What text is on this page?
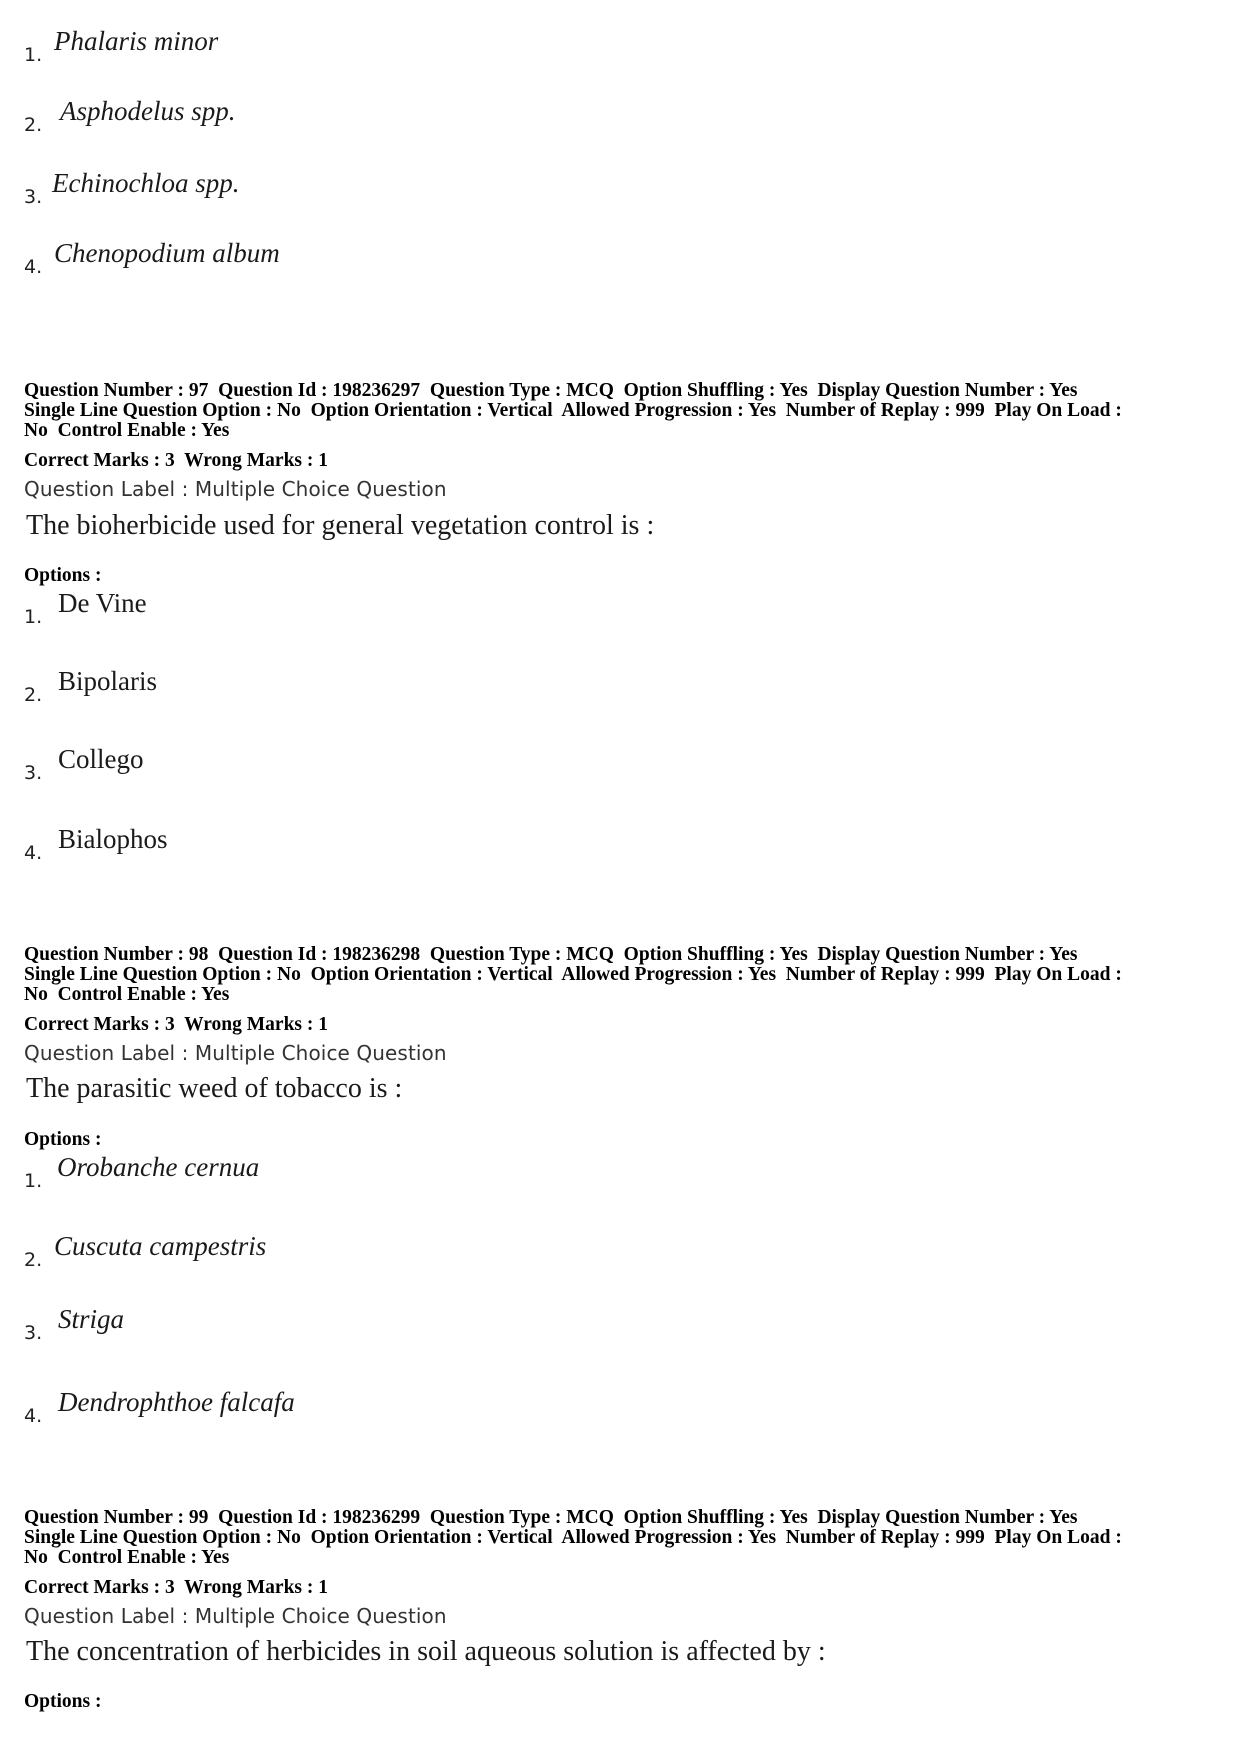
1. Phalaris minor
2. Asphodelus spp.
3. Echinochloa spp.
4. Chenopodium album
Question Number : 97  Question Id : 198236297  Question Type : MCQ  Option Shuffling : Yes  Display Question Number : Yes
Single Line Question Option : No  Option Orientation : Vertical  Allowed Progression : Yes  Number of Replay : 999  Play On Load :
No  Control Enable : Yes
Correct Marks : 3  Wrong Marks : 1
Question Label : Multiple Choice Question
The bioherbicide used for general vegetation control is :
Options :
1. De Vine
2. Bipolaris
3. Collego
4. Bialophos
Question Number : 98  Question Id : 198236298  Question Type : MCQ  Option Shuffling : Yes  Display Question Number : Yes
Single Line Question Option : No  Option Orientation : Vertical  Allowed Progression : Yes  Number of Replay : 999  Play On Load :
No  Control Enable : Yes
Correct Marks : 3  Wrong Marks : 1
Question Label : Multiple Choice Question
The parasitic weed of tobacco is :
Options :
1. Orobanche cernua
2. Cuscuta campestris
3. Striga
4. Dendrophthoe falcafa
Question Number : 99  Question Id : 198236299  Question Type : MCQ  Option Shuffling : Yes  Display Question Number : Yes
Single Line Question Option : No  Option Orientation : Vertical  Allowed Progression : Yes  Number of Replay : 999  Play On Load :
No  Control Enable : Yes
Correct Marks : 3  Wrong Marks : 1
Question Label : Multiple Choice Question
The concentration of herbicides in soil aqueous solution is affected by :
Options :
